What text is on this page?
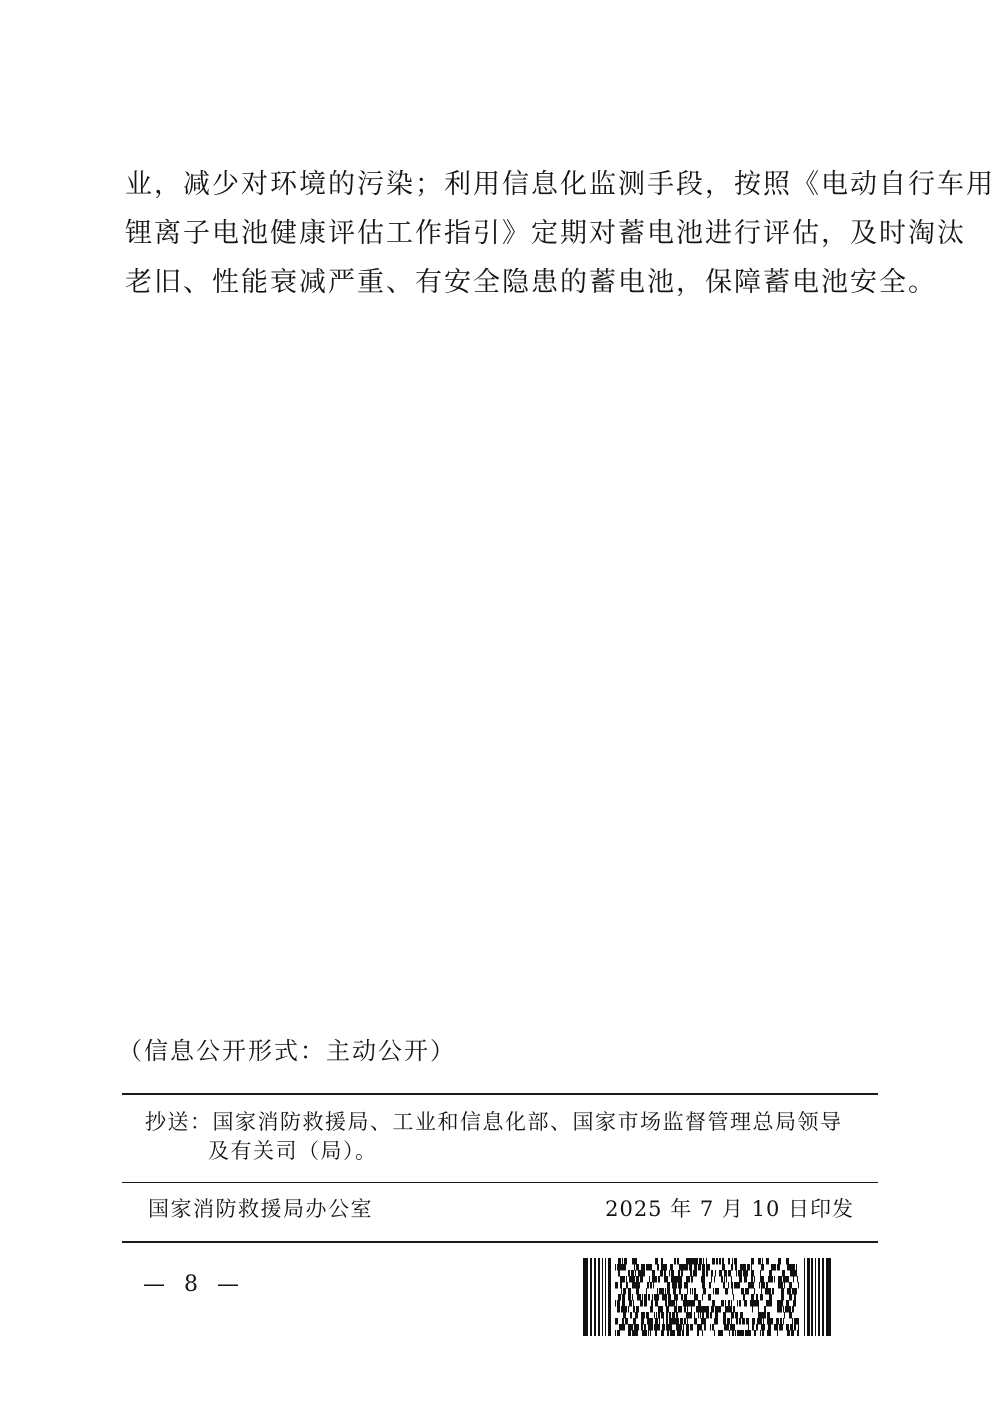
业，减少对环境的污染；利用信息化监测手段，按照《电动自行车用
锂离子电池健康评估工作指引》定期对蓄电池进行评估，及时淘汰
老旧、性能衰减严重、有安全隐患的蓄电池，保障蓄电池安全。
（信息公开形式：主动公开）
抄送：国家消防救援局、工业和信息化部、国家市场监督管理总局领导
及有关司（局）。
国家消防救援局办公室	2025 年 7 月 10 日印发
— 8 —
